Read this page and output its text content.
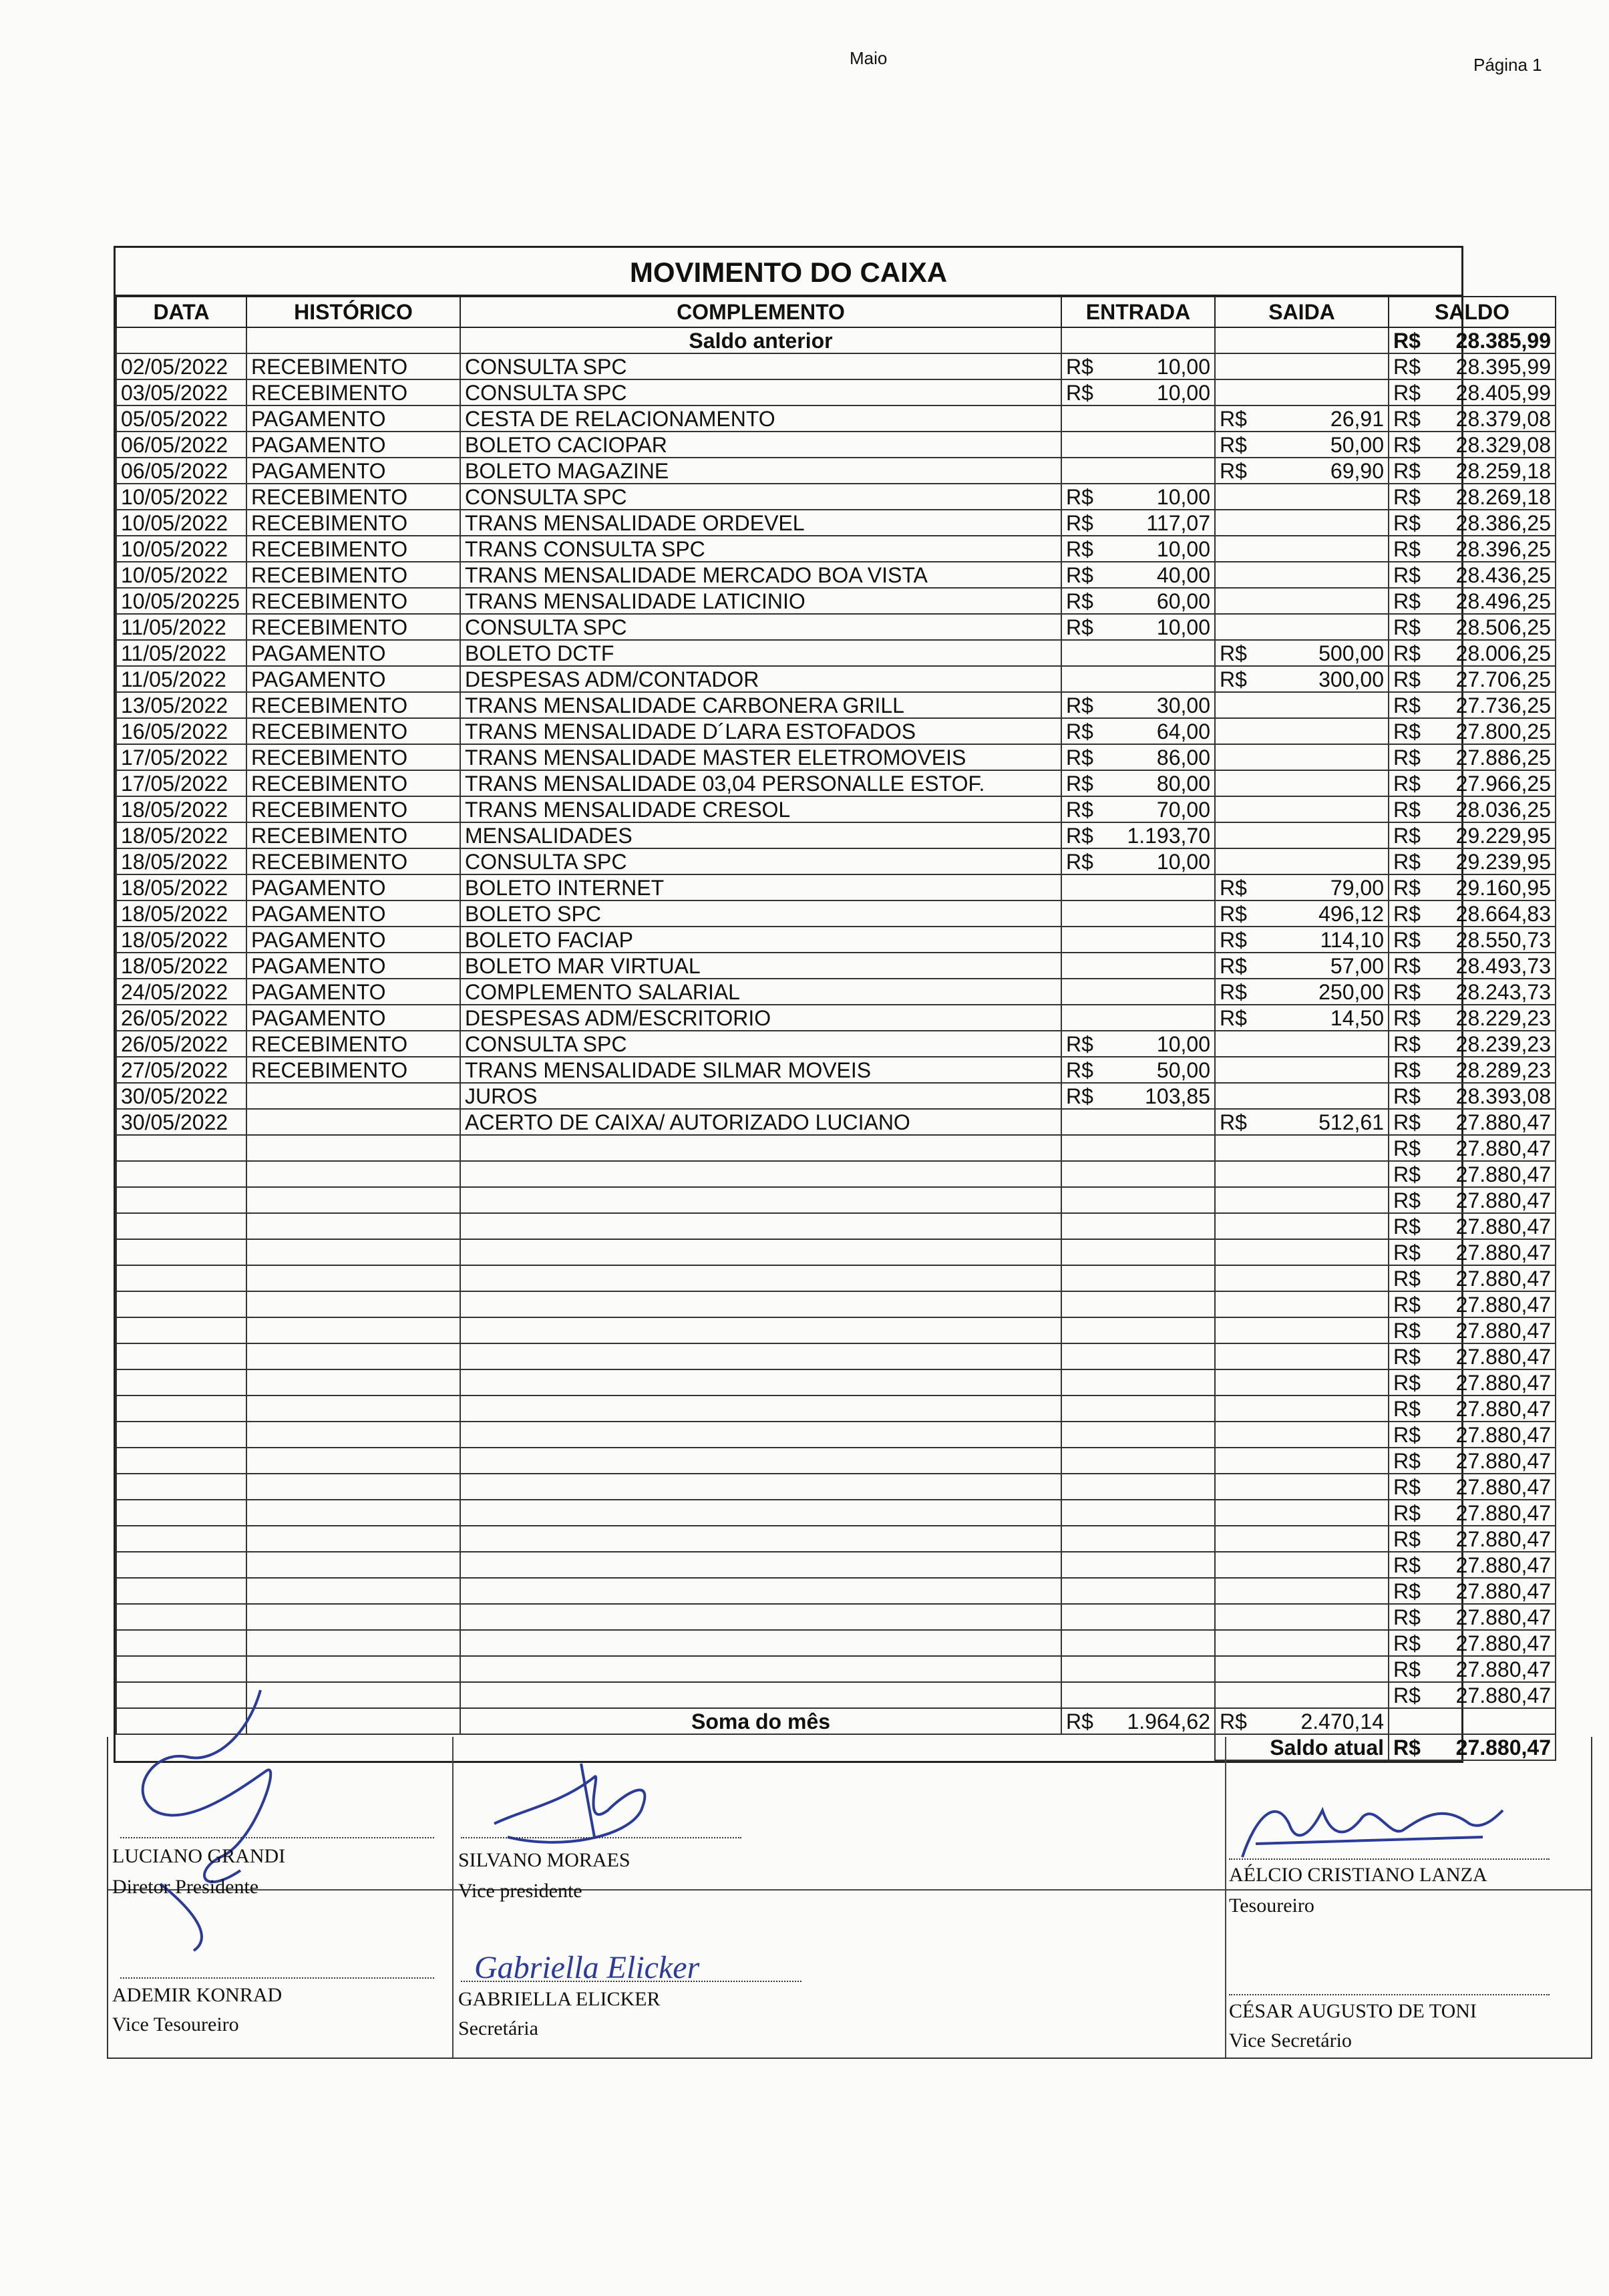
Maio	Página 1
MOVIMENTO DO CAIXA
DATA	HISTÓRICO	COMPLEMENTO	ENTRADA	SAIDA	SALDO
		Saldo anterior			R$ 28.385,99

02/05/2022	RECEBIMENTO	CONSULTA SPC	R$ 10,00		R$ 28.395,99

03/05/2022	RECEBIMENTO	CONSULTA SPC	R$ 10,00		R$ 28.405,99

05/05/2022	PAGAMENTO	CESTA DE RELACIONAMENTO		R$ 26,91	R$ 28.379,08

06/05/2022	PAGAMENTO	BOLETO CACIOPAR		R$ 50,00	R$ 28.329,08

06/05/2022	PAGAMENTO	BOLETO MAGAZINE		R$ 69,90	R$ 28.259,18

10/05/2022	RECEBIMENTO	CONSULTA SPC	R$ 10,00		R$ 28.269,18

10/05/2022	RECEBIMENTO	TRANS MENSALIDADE ORDEVEL	R$ 117,07		R$ 28.386,25

10/05/2022	RECEBIMENTO	TRANS CONSULTA SPC	R$ 10,00		R$ 28.396,25

10/05/2022	RECEBIMENTO	TRANS MENSALIDADE MERCADO BOA VISTA	R$ 40,00		R$ 28.436,25

10/05/20225	RECEBIMENTO	TRANS MENSALIDADE LATICINIO	R$ 60,00		R$ 28.496,25

11/05/2022	RECEBIMENTO	CONSULTA SPC	R$ 10,00		R$ 28.506,25

11/05/2022	PAGAMENTO	BOLETO DCTF		R$ 500,00	R$ 28.006,25

11/05/2022	PAGAMENTO	DESPESAS ADM/CONTADOR		R$ 300,00	R$ 27.706,25

13/05/2022	RECEBIMENTO	TRANS MENSALIDADE CARBONERA GRILL	R$ 30,00		R$ 27.736,25

16/05/2022	RECEBIMENTO	TRANS MENSALIDADE D´LARA ESTOFADOS	R$ 64,00		R$ 27.800,25

17/05/2022	RECEBIMENTO	TRANS MENSALIDADE MASTER ELETROMOVEIS	R$ 86,00		R$ 27.886,25

17/05/2022	RECEBIMENTO	TRANS MENSALIDADE 03,04 PERSONALLE ESTOF.	R$ 80,00		R$ 27.966,25

18/05/2022	RECEBIMENTO	TRANS MENSALIDADE CRESOL	R$ 70,00		R$ 28.036,25

18/05/2022	RECEBIMENTO	MENSALIDADES	R$ 1.193,70		R$ 29.229,95

18/05/2022	RECEBIMENTO	CONSULTA SPC	R$ 10,00		R$ 29.239,95

18/05/2022	PAGAMENTO	BOLETO INTERNET		R$ 79,00	R$ 29.160,95

18/05/2022	PAGAMENTO	BOLETO SPC		R$ 496,12	R$ 28.664,83

18/05/2022	PAGAMENTO	BOLETO FACIAP		R$ 114,10	R$ 28.550,73

18/05/2022	PAGAMENTO	BOLETO MAR VIRTUAL		R$ 57,00	R$ 28.493,73

24/05/2022	PAGAMENTO	COMPLEMENTO SALARIAL		R$ 250,00	R$ 28.243,73

26/05/2022	PAGAMENTO	DESPESAS ADM/ESCRITORIO		R$ 14,50	R$ 28.229,23

26/05/2022	RECEBIMENTO	CONSULTA SPC	R$ 10,00		R$ 28.239,23

27/05/2022	RECEBIMENTO	TRANS MENSALIDADE SILMAR MOVEIS	R$ 50,00		R$ 28.289,23

30/05/2022		JUROS	R$ 103,85		R$ 28.393,08

30/05/2022		ACERTO DE CAIXA/ AUTORIZADO LUCIANO		R$ 512,61	R$ 27.880,47

					R$ 27.880,47

					R$ 27.880,47

					R$ 27.880,47

					R$ 27.880,47

					R$ 27.880,47

					R$ 27.880,47

					R$ 27.880,47

					R$ 27.880,47

					R$ 27.880,47

					R$ 27.880,47

					R$ 27.880,47

					R$ 27.880,47

					R$ 27.880,47

					R$ 27.880,47

					R$ 27.880,47

					R$ 27.880,47

					R$ 27.880,47

					R$ 27.880,47

					R$ 27.880,47

					R$ 27.880,47

					R$ 27.880,47

					R$ 27.880,47

		Soma do mês	R$ 1.964,62	R$ 2.470,14	

				Saldo atual	R$ 27.880,47
Gabriella Elicker
LUCIANO GRANDI
Diretor Presidente
SILVANO MORAES
Vice presidente
AÉLCIO CRISTIANO LANZA
Tesoureiro
ADEMIR KONRAD
Vice Tesoureiro
GABRIELLA ELICKER
Secretária
CÉSAR AUGUSTO DE TONI
Vice Secretário
